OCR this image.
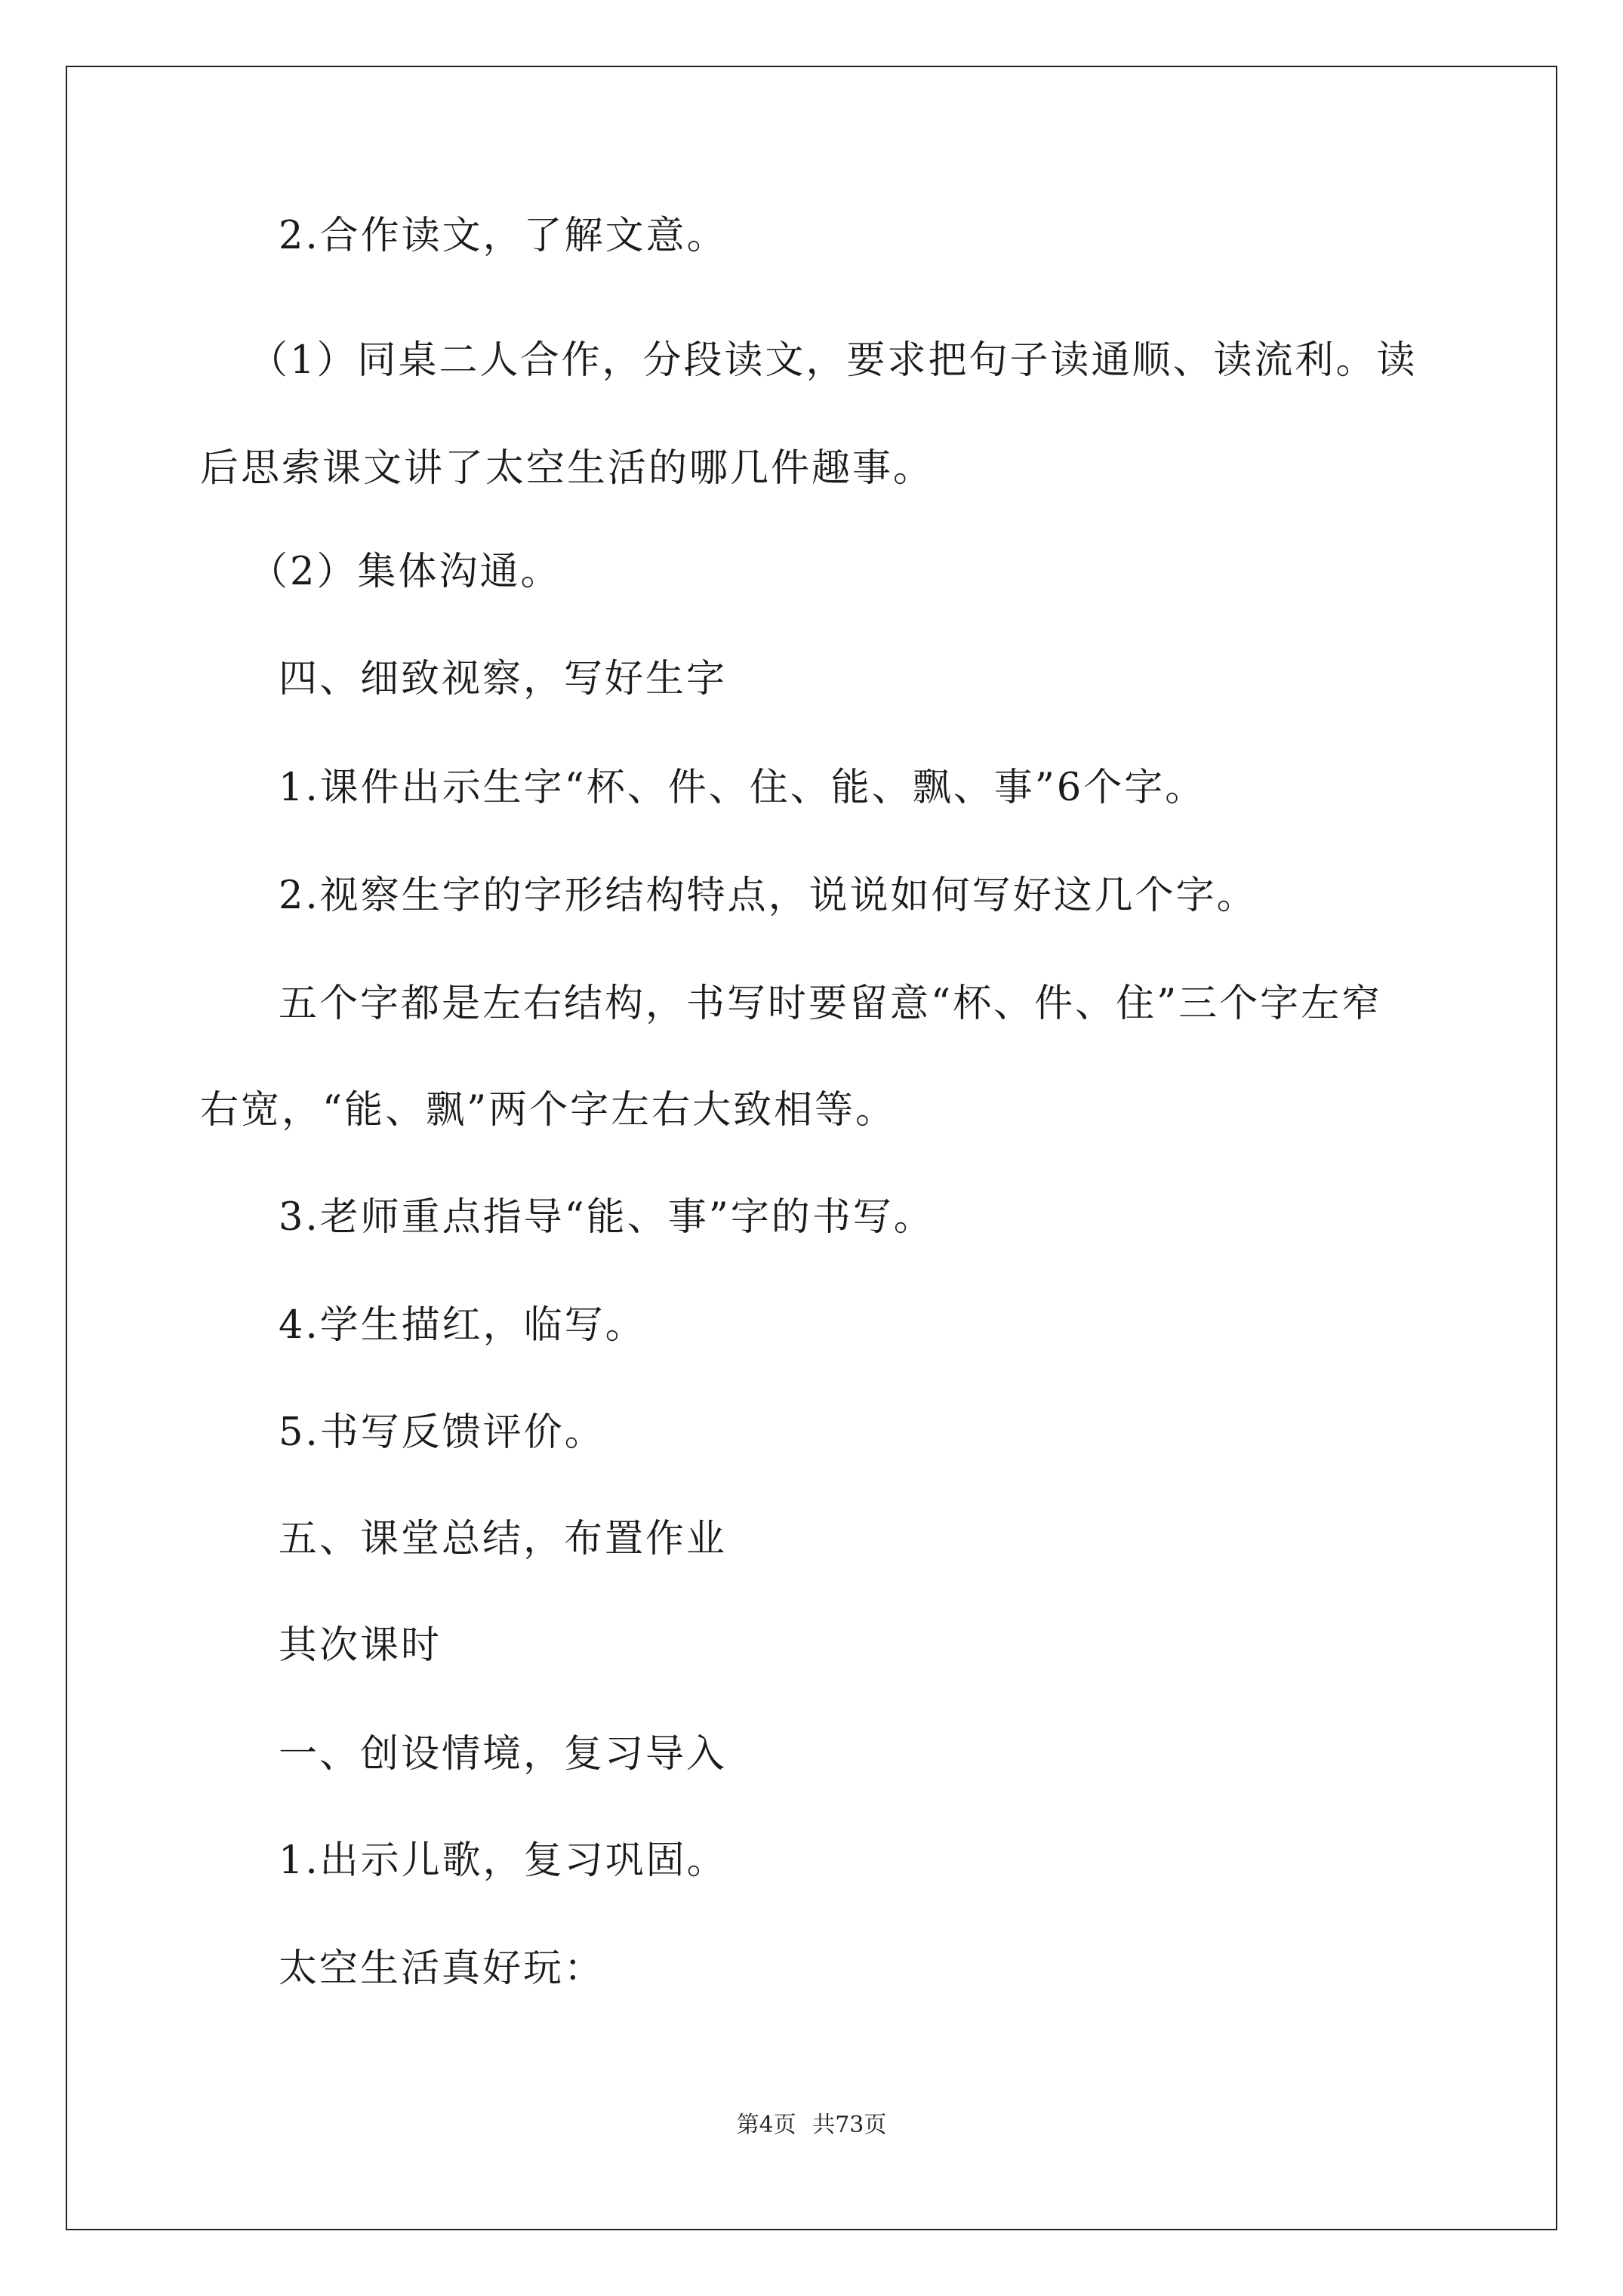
2.合作读文，了解文意。
（1）同桌二人合作，分段读文，要求把句子读通顺、读流利。读
后思索课文讲了太空生活的哪几件趣事。
（2）集体沟通。
四、细致视察，写好生字
1.课件出示生字“杯、件、住、能、飘、事”6个字。
2.视察生字的字形结构特点，说说如何写好这几个字。
五个字都是左右结构，书写时要留意“杯、件、住”三个字左窄
右宽，“能、飘”两个字左右大致相等。
3.老师重点指导“能、事”字的书写。
4.学生描红，临写。
5.书写反馈评价。
五、课堂总结，布置作业
其次课时
一、创设情境，复习导入
1.出示儿歌，复习巩固。
太空生活真好玩：
第4页 共73页
